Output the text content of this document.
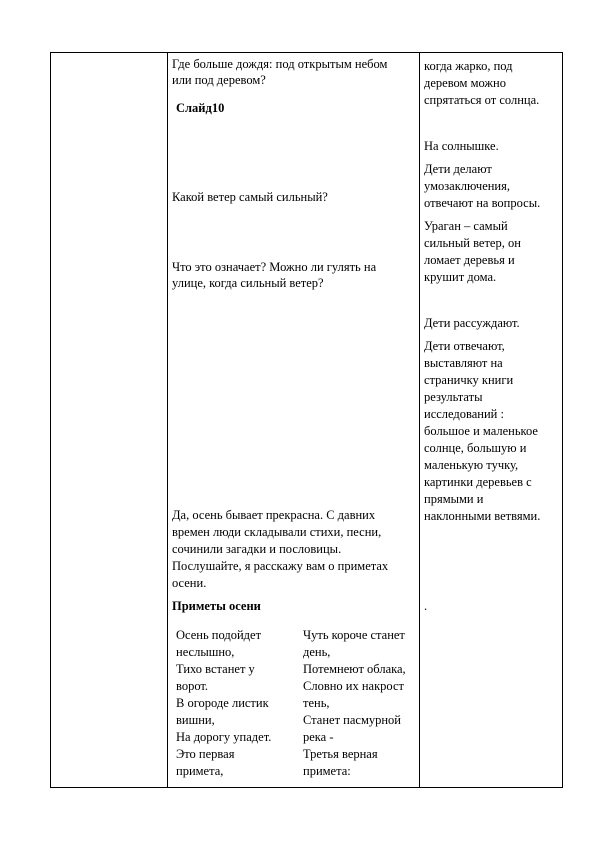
Где больше дождя: под открытым небом
или под деревом?
Слайд10
Какой ветер самый сильный?
Что это означает? Можно ли гулять на
улице, когда сильный ветер?
Да, осень бывает прекрасна. С давних
времен люди складывали стихи, песни,
сочинили загадки и пословицы.
Послушайте, я расскажу вам о приметах
осени.
Приметы осени
Осень подойдет
неслышно,
Тихо встанет у
ворот.
В огороде листик
вишни,
На дорогу упадет.
Это первая
примета,
Чуть короче станет
день,
Потемнеют облака,
Словно их накрост
тень,
Станет пасмурной
река -
Третья верная
примета:
когда жарко, под
деревом можно
спрятаться от солнца.
На солнышке.
Дети делают
умозаключения,
отвечают на вопросы.
Ураган – самый
сильный ветер, он
ломает деревья и
крушит дома.
Дети рассуждают.
Дети отвечают,
выставляют на
страничку книги
результаты
исследований :
большое и маленькое
солнце, большую и
маленькую тучку,
картинки деревьев с
прямыми и
наклонными ветвями.
.
